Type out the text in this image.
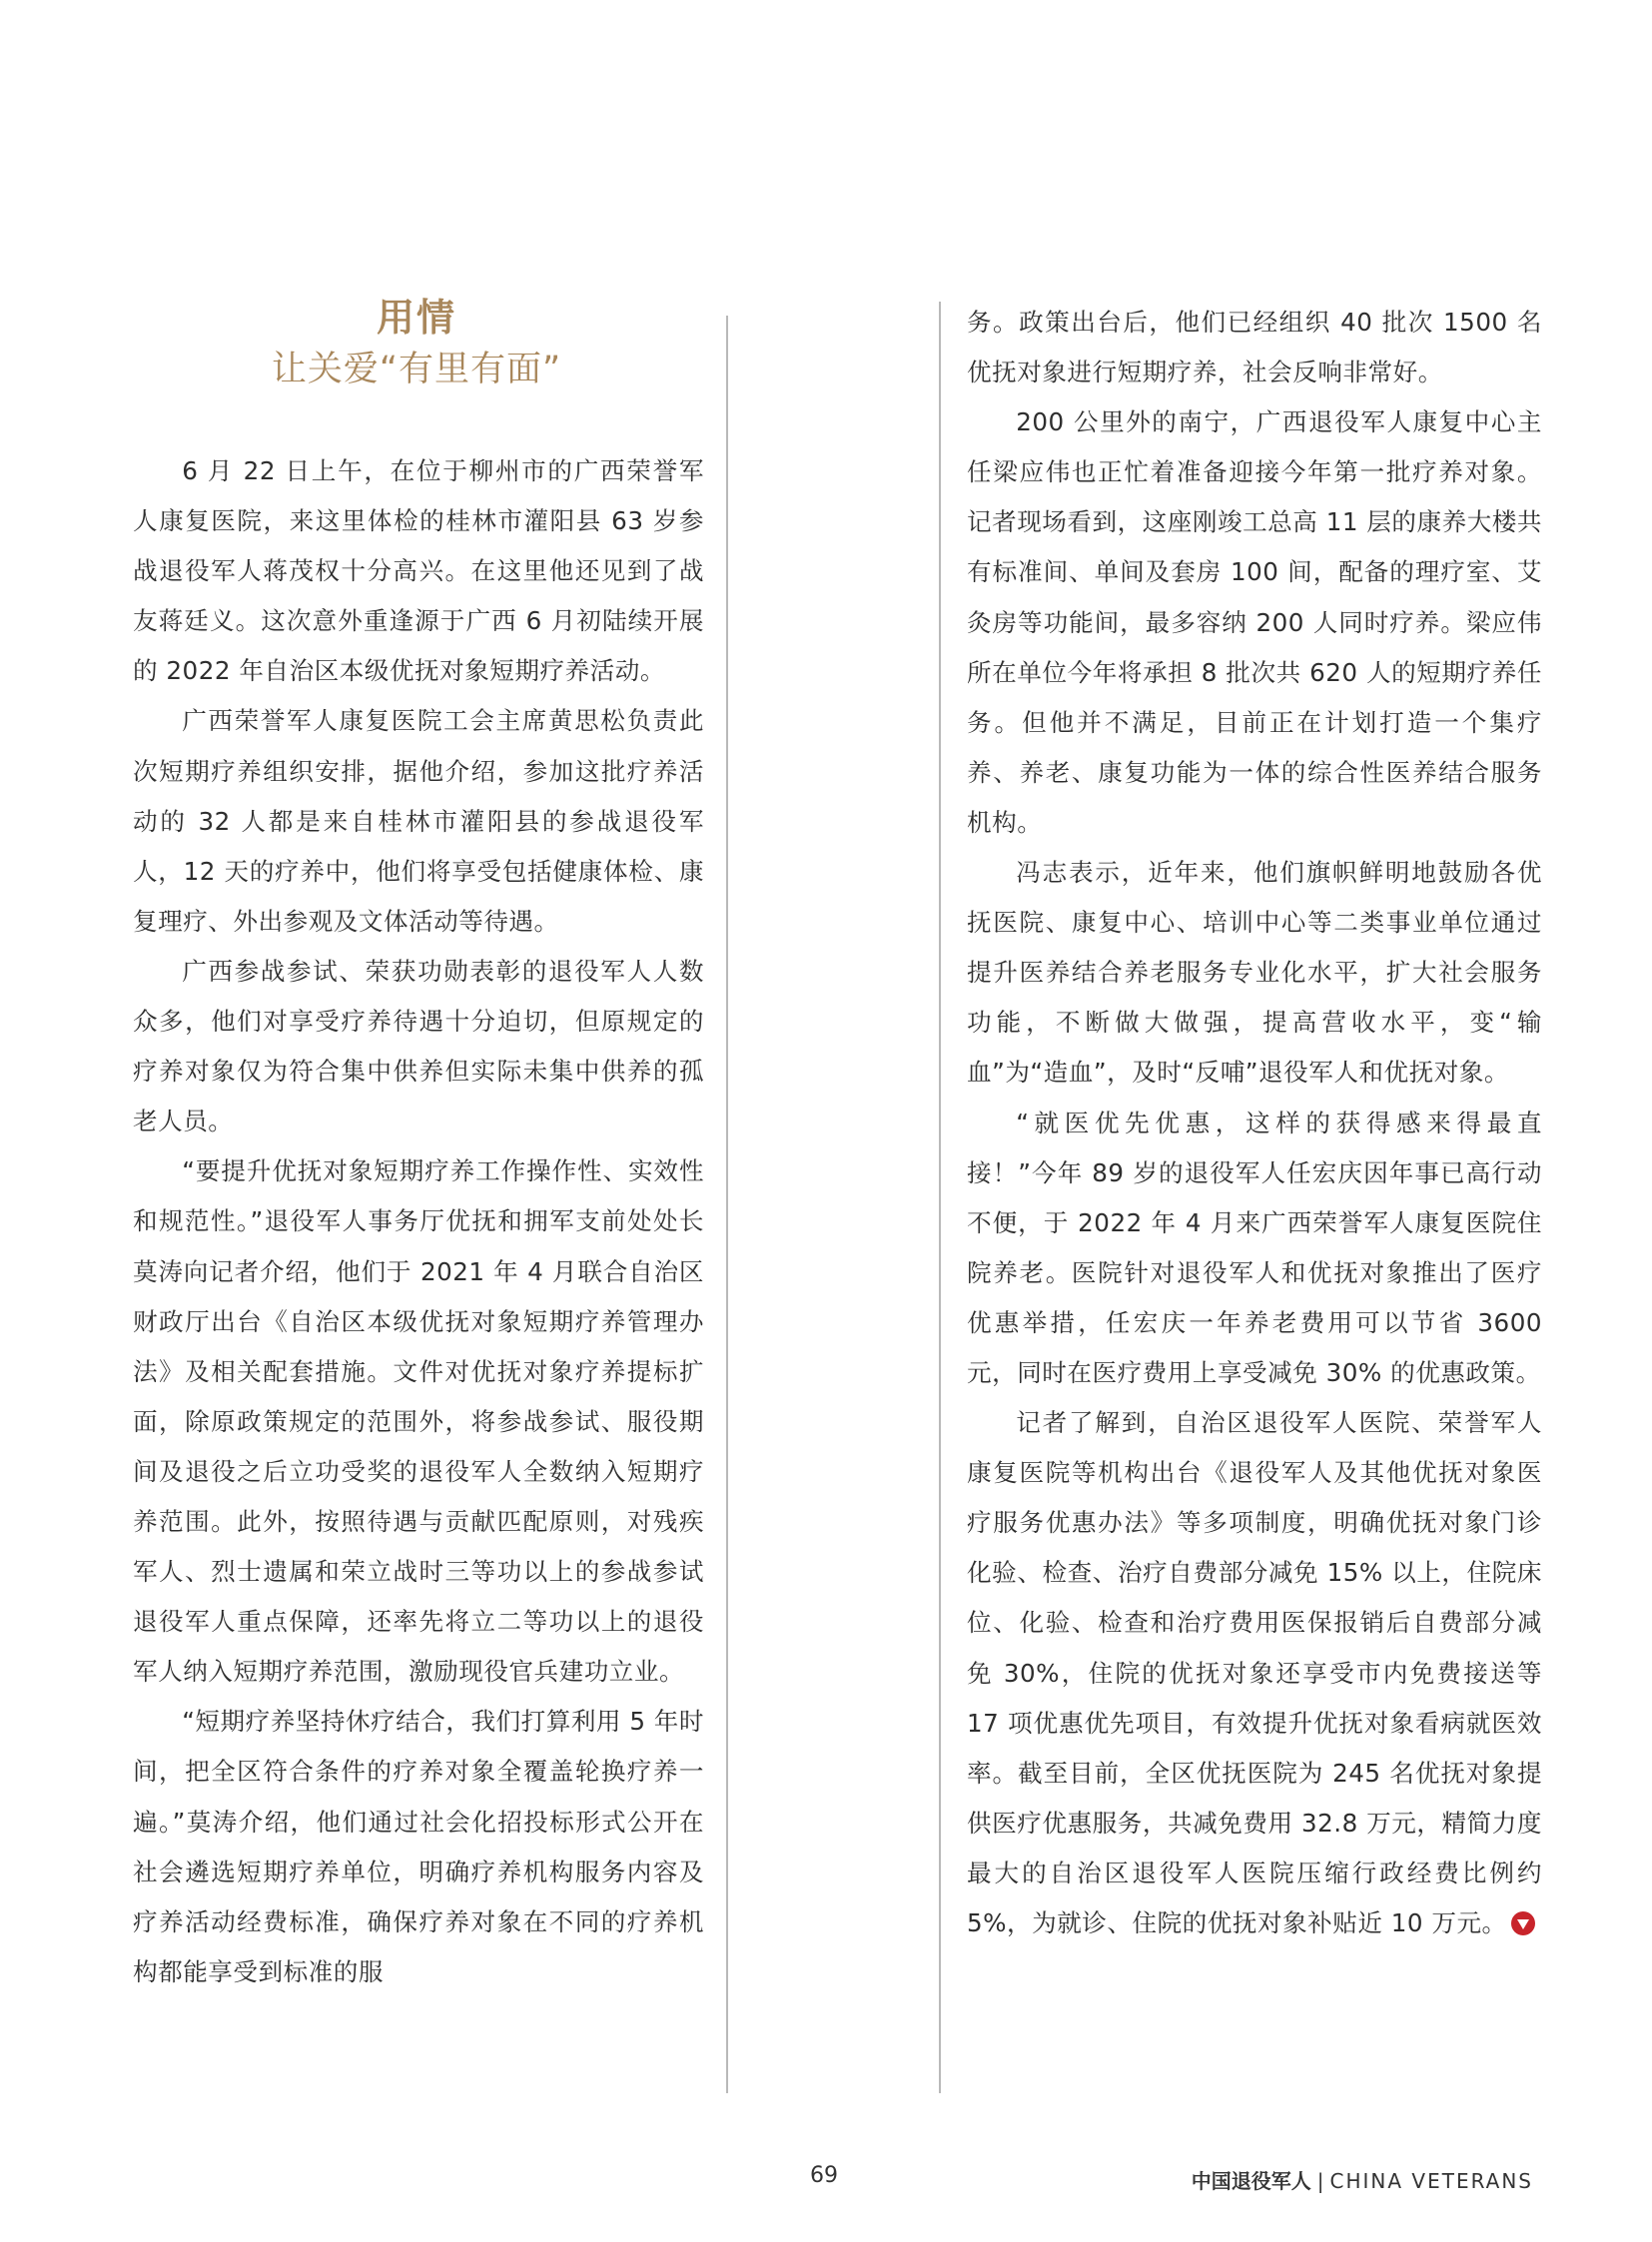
用情
让关爱“有里有面”

6 月 22 日上午，在位于柳州市的广西荣誉军人康复医院，来这里体检的桂林市灌阳县 63 岁参战退役军人蒋茂权十分高兴。在这里他还见到了战友蒋廷义。这次意外重逢源于广西 6 月初陆续开展的 2022 年自治区本级优抚对象短期疗养活动。

广西荣誉军人康复医院工会主席黄思松负责此次短期疗养组织安排，据他介绍，参加这批疗养活动的 32 人都是来自桂林市灌阳县的参战退役军人，12 天的疗养中，他们将享受包括健康体检、康复理疗、外出参观及文体活动等待遇。

广西参战参试、荣获功勋表彰的退役军人人数众多，他们对享受疗养待遇十分迫切，但原规定的疗养对象仅为符合集中供养但实际未集中供养的孤老人员。

“要提升优抚对象短期疗养工作操作性、实效性和规范性。”退役军人事务厅优抚和拥军支前处处长莫涛向记者介绍，他们于 2021 年 4 月联合自治区财政厅出台《自治区本级优抚对象短期疗养管理办法》及相关配套措施。文件对优抚对象疗养提标扩面，除原政策规定的范围外，将参战参试、服役期间及退役之后立功受奖的退役军人全数纳入短期疗养范围。此外，按照待遇与贡献匹配原则，对残疾军人、烈士遗属和荣立战时三等功以上的参战参试退役军人重点保障，还率先将立二等功以上的退役军人纳入短期疗养范围，激励现役官兵建功立业。

“短期疗养坚持休疗结合，我们打算利用 5 年时间，把全区符合条件的疗养对象全覆盖轮换疗养一遍。”莫涛介绍，他们通过社会化招投标形式公开在社会遴选短期疗养单位，明确疗养机构服务内容及疗养活动经费标准，确保疗养对象在不同的疗养机构都能享受到标准的服

务。政策出台后，他们已经组织 40 批次 1500 名优抚对象进行短期疗养，社会反响非常好。

200 公里外的南宁，广西退役军人康复中心主任梁应伟也正忙着准备迎接今年第一批疗养对象。记者现场看到，这座刚竣工总高 11 层的康养大楼共有标准间、单间及套房 100 间，配备的理疗室、艾灸房等功能间，最多容纳 200 人同时疗养。梁应伟所在单位今年将承担 8 批次共 620 人的短期疗养任务。但他并不满足，目前正在计划打造一个集疗养、养老、康复功能为一体的综合性医养结合服务机构。

冯志表示，近年来，他们旗帜鲜明地鼓励各优抚医院、康复中心、培训中心等二类事业单位通过提升医养结合养老服务专业化水平，扩大社会服务功能，不断做大做强，提高营收水平，变“输血”为“造血”，及时“反哺”退役军人和优抚对象。

“就医优先优惠，这样的获得感来得最直接！”今年 89 岁的退役军人任宏庆因年事已高行动不便，于 2022 年 4 月来广西荣誉军人康复医院住院养老。医院针对退役军人和优抚对象推出了医疗优惠举措，任宏庆一年养老费用可以节省 3600 元，同时在医疗费用上享受减免 30% 的优惠政策。

记者了解到，自治区退役军人医院、荣誉军人康复医院等机构出台《退役军人及其他优抚对象医疗服务优惠办法》等多项制度，明确优抚对象门诊化验、检查、治疗自费部分减免 15% 以上，住院床位、化验、检查和治疗费用医保报销后自费部分减免 30%，住院的优抚对象还享受市内免费接送等 17 项优惠优先项目，有效提升优抚对象看病就医效率。截至目前，全区优抚医院为 245 名优抚对象提供医疗优惠服务，共减免费用 32.8 万元，精简力度最大的自治区退役军人医院压缩行政经费比例约 5%，为就诊、住院的优抚对象补贴近 10 万元。

69	中国退役军人 | CHINA VETERANS
